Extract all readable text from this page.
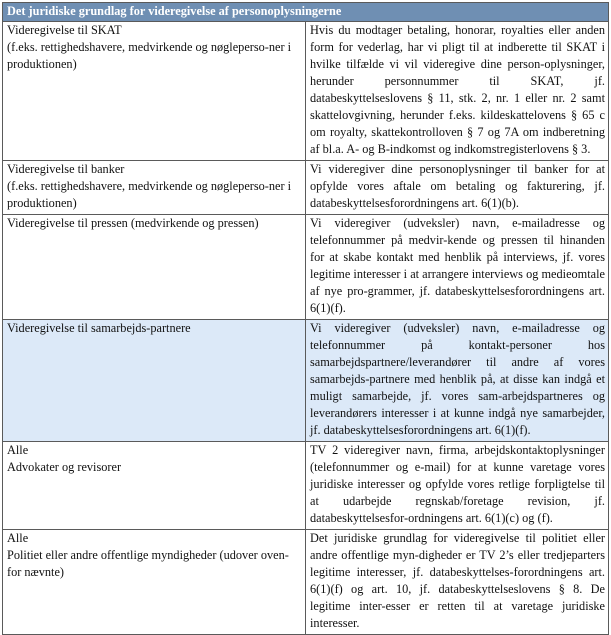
Det juridiske grundlag for videregivelse af personoplysningerne	
Videregivelse til SKAT
(f.eks. rettighedshavere, medvirkende og nøgleperso-ner i produktionen)	Hvis du modtager betaling, honorar, royalties eller anden form for vederlag, har vi pligt til at indberette til SKAT i hvilke tilfælde vi vil videregive dine person-oplysninger, herunder personnummer til SKAT, jf. databeskyttelseslovens § 11, stk. 2, nr. 1 eller nr. 2 samt skattelovgivning, herunder f.eks. kildeskattelovens § 65 c om royalty, skattekontrolloven § 7 og 7A om indberetning af bl.a. A- og B-indkomst og indkomstregisterlovens § 3.
Videregivelse til banker
(f.eks. rettighedshavere, medvirkende og nøgleperso-ner i produktionen)	Vi videregiver dine personoplysninger til banker for at opfylde vores aftale om betaling og fakturering, jf. databeskyttelsesforordningens art. 6(1)(b).
Videregivelse til pressen (medvirkende og pressen)	Vi videregiver (udveksler) navn, e-mailadresse og telefonnummer på medvir-kende og pressen til hinanden for at skabe kontakt med henblik på interviews, jf. vores legitime interesser i at arrangere interviews og medieomtale af nye pro-grammer, jf. databeskyttelsesforordningens art. 6(1)(f).
Videregivelse til samarbejds-partnere	Vi videregiver (udveksler) navn, e-mailadresse og telefonnummer på kontakt-personer hos samarbejdspartnere/leverandører til andre af vores samarbejds-partnere med henblik på, at disse kan indgå et muligt samarbejde, jf. vores sam-arbejdspartneres og leverandørers interesser i at kunne indgå nye samarbejder, jf. databeskyttelsesforordningens art. 6(1)(f).
Alle
Advokater og revisorer	TV 2 videregiver navn, firma, arbejdskontaktoplysninger (telefonnummer og e-mail) for at kunne varetage vores juridiske interesser og opfylde vores retlige forpligtelse til at udarbejde regnskab/foretage revision, jf. databeskyttelsesfor-ordningens art. 6(1)(c) og (f).
Alle
Politiet eller andre offentlige myndigheder (udover oven-for nævnte)	Det juridiske grundlag for videregivelse til politiet eller andre offentlige myn-digheder er TV 2’s eller tredjeparters legitime interesser, jf. databeskyttelses-forordningens art. 6(1)(f) og art. 10, jf. databeskyttelseslovens § 8. De legitime inter-esser er retten til at varetage juridiske interesser.
